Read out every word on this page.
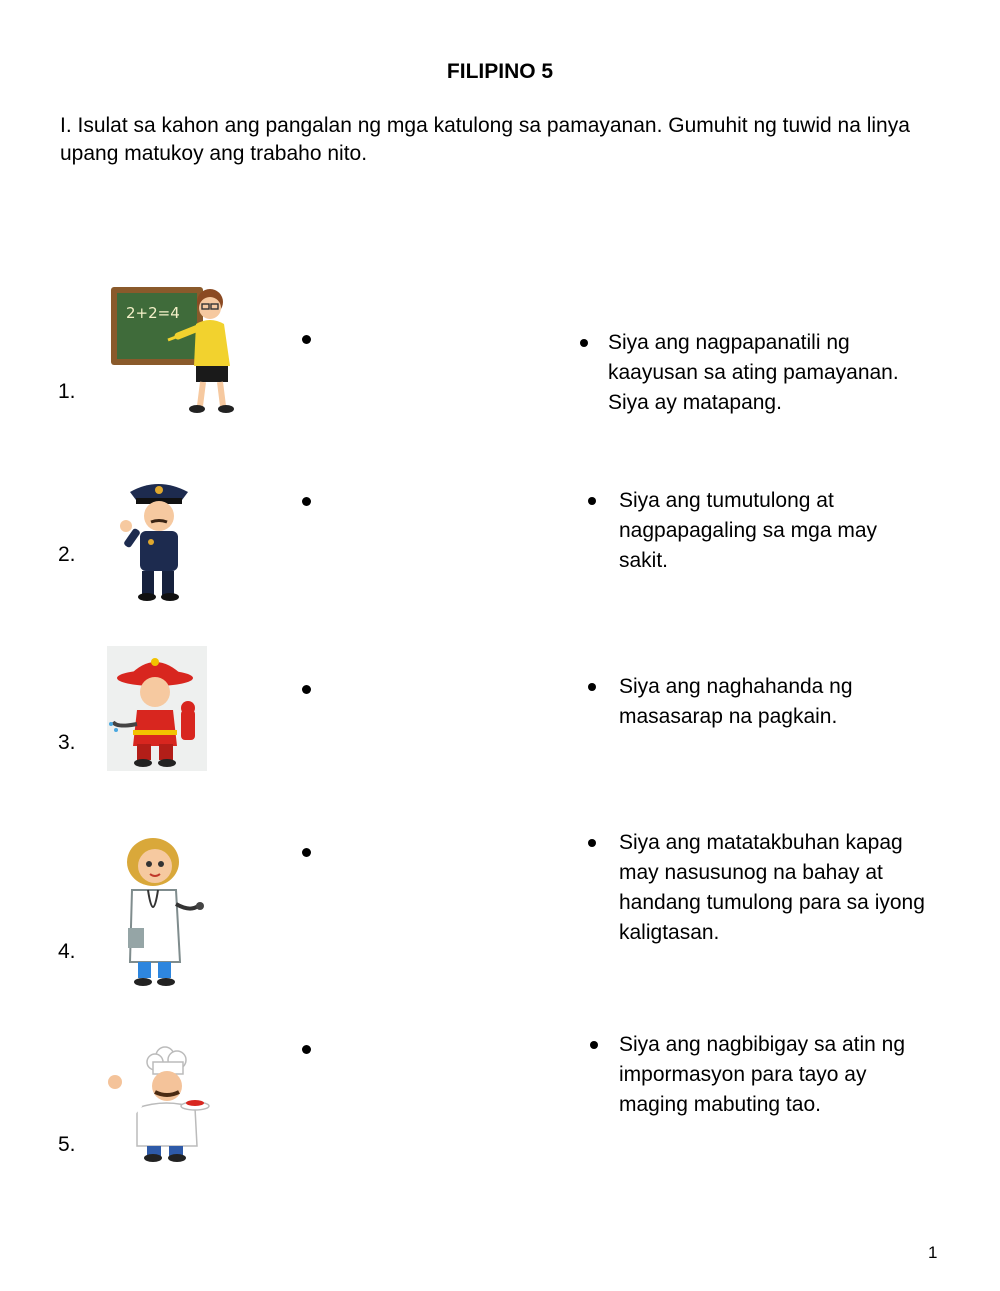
FILIPINO 5
I. Isulat sa kahon ang pangalan ng mga katulong sa pamayanan. Gumuhit ng tuwid na linya upang matukoy ang trabaho nito.
1.
2.
3.
4.
5.
2+2=4
Siya ang nagpapanatili ng kaayusan sa ating pamayanan. Siya ay matapang.
Siya ang tumutulong at nagpapagaling sa mga may sakit.
Siya ang naghahanda ng masasarap na pagkain.
Siya ang matatakbuhan kapag may nasusunog na bahay at handang tumulong para sa iyong kaligtasan.
Siya ang nagbibigay sa atin ng impormasyon para tayo ay maging mabuting tao.
1
